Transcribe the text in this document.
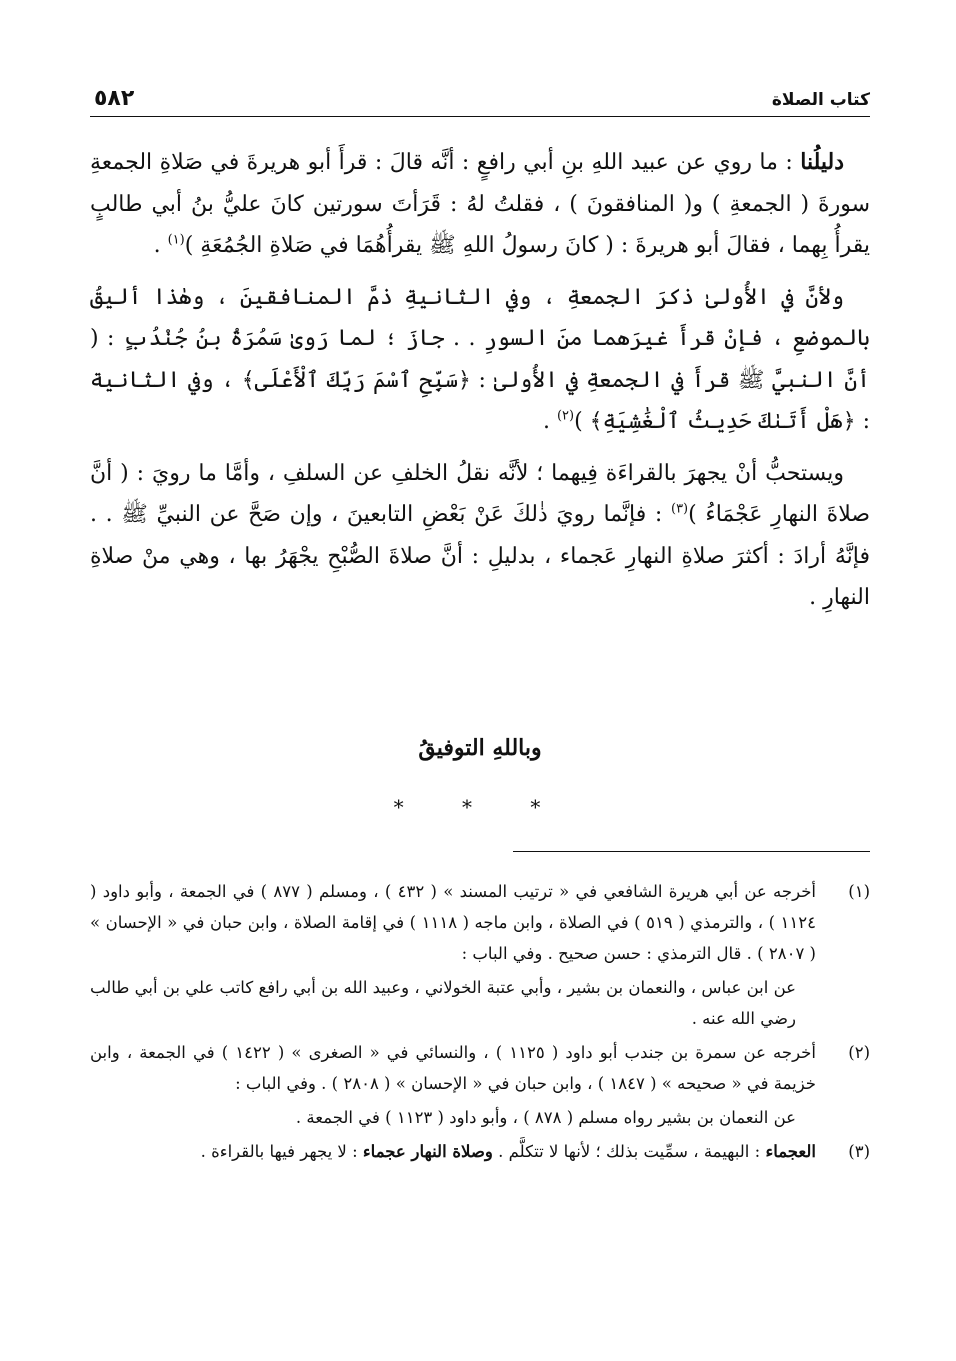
كتاب الصلاة
٥٨٢

دليلُنا : ما روي عن عبيد اللهِ بنِ أبي رافعٍ : أنَّه قالَ : قرأَ أبو هريرةَ في صَلاةِ الجمعةِ سورةَ ( الجمعةِ ) و( المنافقونَ ) ، فقلتُ لهُ : قَرَأتَ سورتين كانَ عليُّ بنُ أبي طالبٍ يقرأُ بِهما ، فقالَ أبو هريرةَ : ( كانَ رسولُ اللهِ ﷺ يقرأُهُمَا في صَلاةِ الجُمُعَةِ )$^{(١)}$ .

ولأنَّ في الأُولىٰ ذكرَ الجمعةِ ، وفي الثانيةِ ذمَّ المنافقينَ ، وهٰذا أليقُ بالموضعِ ، فإنْ قرأَ غيرَهما منَ السورِ . . جازَ ؛ لما رَوىٰ سَمُرَةُ بنُ جُنْدُبٍ : ( أنَّ النبيَّ ﷺ قرأَ في الجمعةِ في الأُولىٰ : ﴿سَبِّحِ ٱسْمَ رَبِّكَ ٱلْأَعْلَى﴾ ، وفي الثانية : ﴿هَلْ أَتَىٰكَ حَدِيثُ ٱلْغَٰشِيَةِ﴾ )$^{(٢)}$ .

ويستحبُّ أنْ يجهرَ بالقراءَة فِيهما ؛ لأنَّه نقلُ الخلفِ عن السلفِ ، وأمَّا ما رويَ : ( أنَّ صلاةَ النهارِ عَجْمَاءُ )$^{(٣)}$ : فإنَّما رويَ ذٰلكَ عَنْ بَعْضِ التابعينَ ، وإن صَحَّ عن النبيِّ ﷺ . . فإنَّهُ أرادَ : أكثرَ صلاةِ النهارِ عَجماء ، بدليلِ : أنَّ صلاةَ الصُّبْحِ يجْهَرُ بها ، وهي منْ صلاةِ النهارِ .

وباللهِ التوفيقُ
* * *
(١)
أخرجه عن أبي هريرة الشافعي في « ترتيب المسند » ( ٤٣٢ ) ، ومسلم ( ٨٧٧ ) في الجمعة ، وأبو داود ( ١١٢٤ ) ، والترمذي ( ٥١٩ ) في الصلاة ، وابن ماجه ( ١١١٨ ) في إقامة الصلاة ، وابن حبان في « الإحسان » ( ٢٨٠٧ ) . قال الترمذي : حسن صحيح . وفي الباب :
عن ابن عباس ، والنعمان بن بشير ، وأبي عتبة الخولاني ، وعبيد الله بن أبي رافع كاتب علي بن أبي طالب رضي الله عنه .
(٢)
أخرجه عن سمرة بن جندب أبو داود ( ١١٢٥ ) ، والنسائي في « الصغرى » ( ١٤٢٢ ) في الجمعة ، وابن خزيمة في « صحيحه » ( ١٨٤٧ ) ، وابن حبان في « الإحسان » ( ٢٨٠٨ ) . وفي الباب :
عن النعمان بن بشير رواه مسلم ( ٨٧٨ ) ، وأبو داود ( ١١٢٣ ) في الجمعة .
(٣)
العجماء : البهيمة ، سمِّيت بذلك ؛ لأنها لا تتكلَّم . وصلاة النهار عجماء : لا يجهر فيها بالقراءة .
